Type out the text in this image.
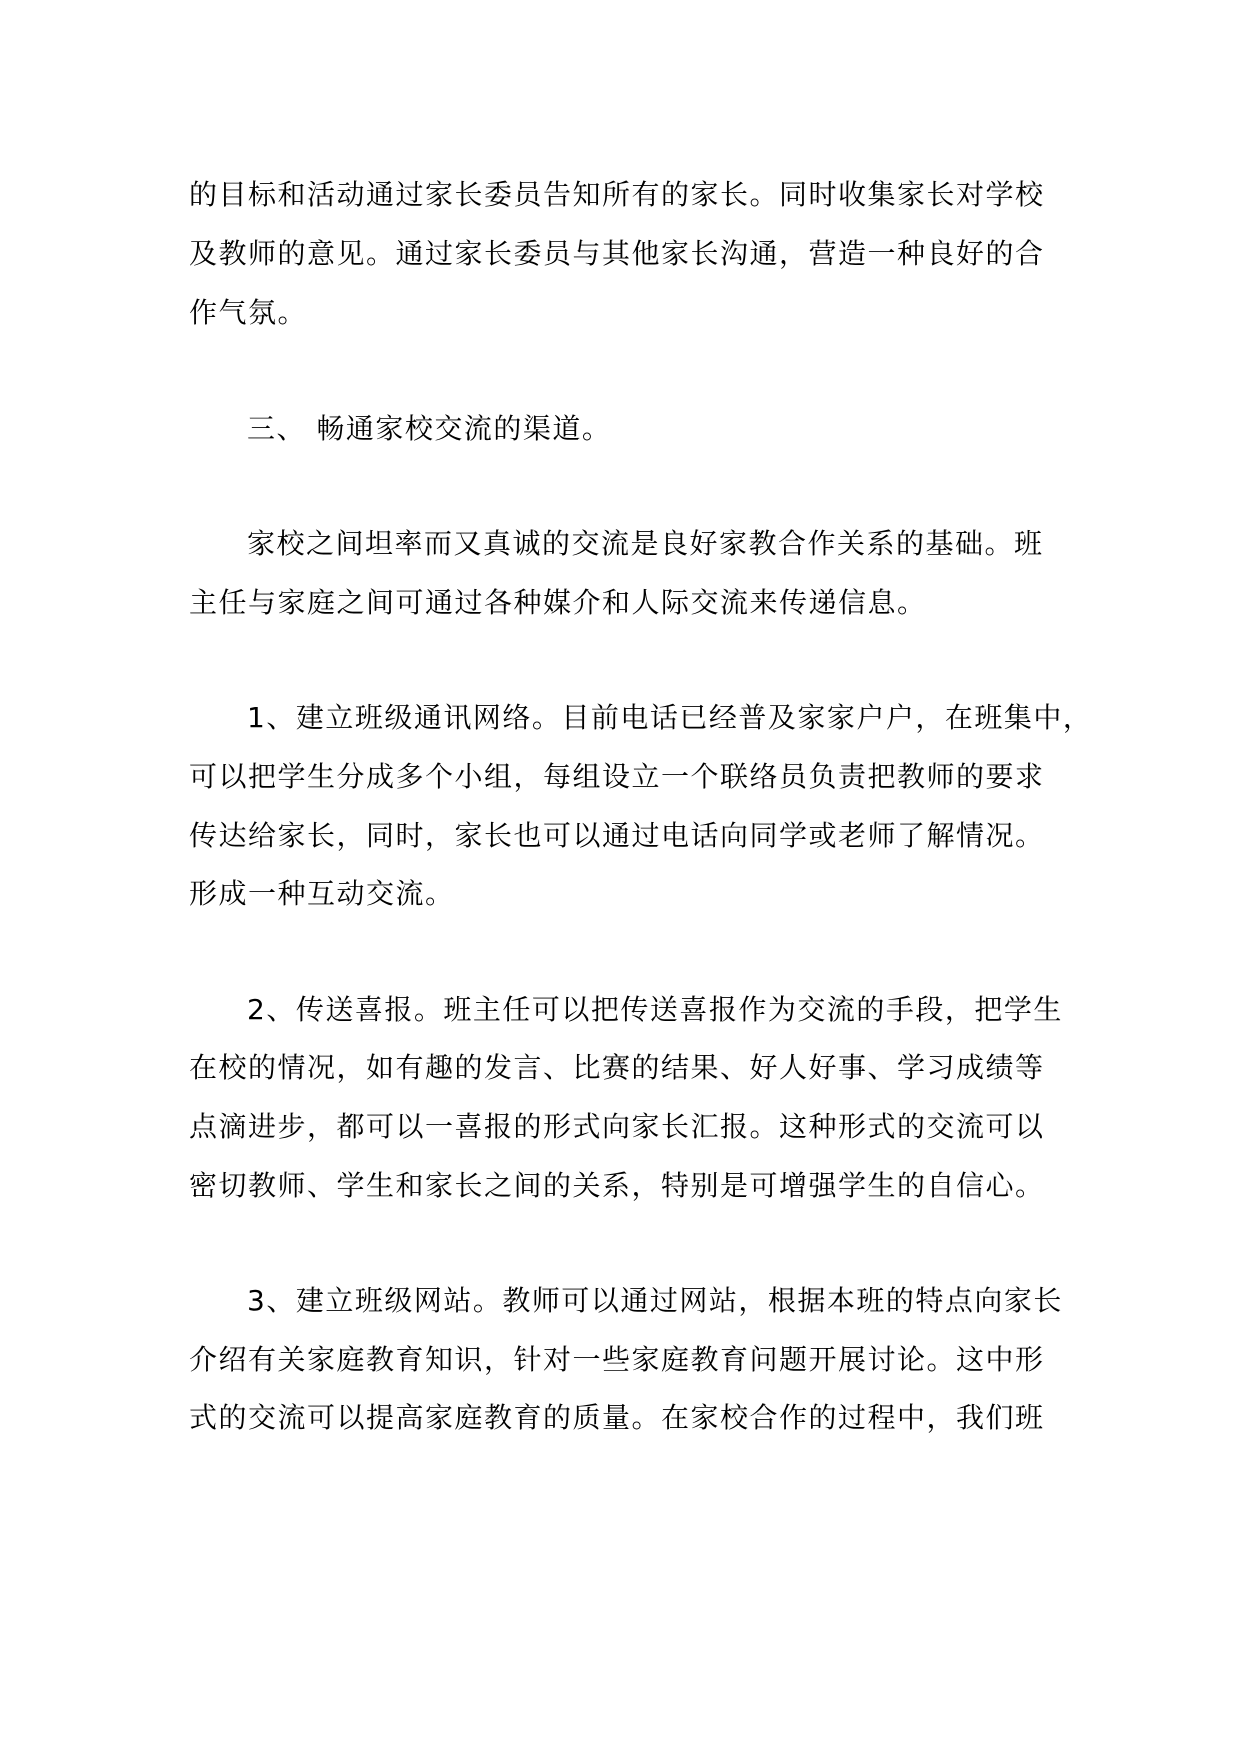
的目标和活动通过家长委员告知所有的家长。同时收集家长对学校
及教师的意见。通过家长委员与其他家长沟通，营造一种良好的合
作气氛。
三、 畅通家校交流的渠道。
家校之间坦率而又真诚的交流是良好家教合作关系的基础。班
主任与家庭之间可通过各种媒介和人际交流来传递信息。
1、建立班级通讯网络。目前电话已经普及家家户户，在班集中，
可以把学生分成多个小组，每组设立一个联络员负责把教师的要求
传达给家长，同时，家长也可以通过电话向同学或老师了解情况。
形成一种互动交流。
2、传送喜报。班主任可以把传送喜报作为交流的手段，把学生
在校的情况，如有趣的发言、比赛的结果、好人好事、学习成绩等
点滴进步，都可以一喜报的形式向家长汇报。这种形式的交流可以
密切教师、学生和家长之间的关系，特别是可增强学生的自信心。
3、建立班级网站。教师可以通过网站，根据本班的特点向家长
介绍有关家庭教育知识，针对一些家庭教育问题开展讨论。这中形
式的交流可以提高家庭教育的质量。在家校合作的过程中，我们班
